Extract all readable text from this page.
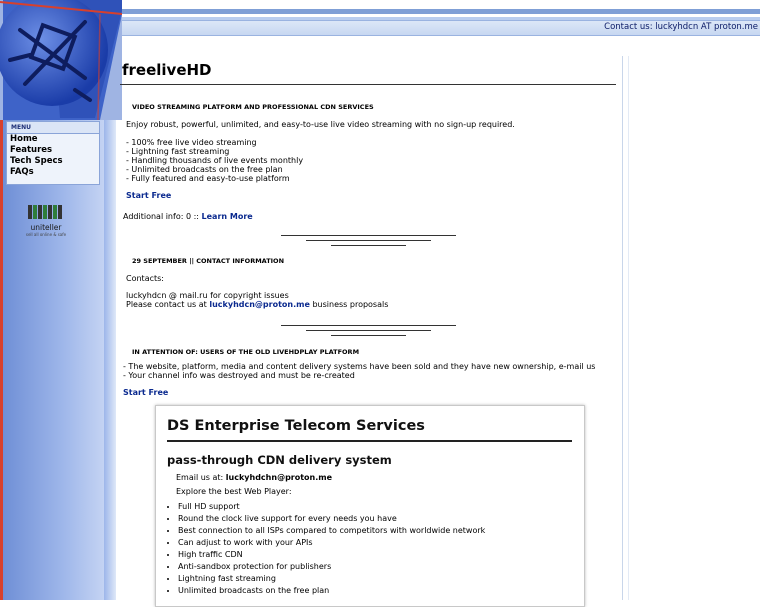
Contact us: luckyhdcn AT proton.me
MENU
Home
Features
Tech Specs
FAQs
uniteller
sell all online & safe
freeliveHD
VIDEO STREAMING PLATFORM AND PROFESSIONAL CDN SERVICES
Enjoy robust, powerful, unlimited, and easy-to-use live video streaming with no sign-up required.
- 100% free live video streaming
- Lightning fast streaming
- Handling thousands of live events monthly
- Unlimited broadcasts on the free plan
- Fully featured and easy-to-use platform
Start Free
Additional info: 0 :: Learn More
29 SEPTEMBER || CONTACT INFORMATION
Contacts:
luckyhdcn @ mail.ru for copyright issues
Please contact us at luckyhdcn@proton.me business proposals
IN ATTENTION OF: USERS OF THE OLD LIVEHDPLAY PLATFORM
- The website, platform, media and content delivery systems have been sold and they have new ownership, e-mail us
- Your channel info was destroyed and must be re-created
Start Free
DS Enterprise Telecom Services
pass-through CDN delivery system
Email us at: luckyhdchn@proton.me
Explore the best Web Player:
• Full HD support
• Round the clock live support for every needs you have
• Best connection to all ISPs compared to competitors with worldwide network
• Can adjust to work with your APIs
• High traffic CDN
• Anti-sandbox protection for publishers
• Lightning fast streaming
• Unlimited broadcasts on the free plan
